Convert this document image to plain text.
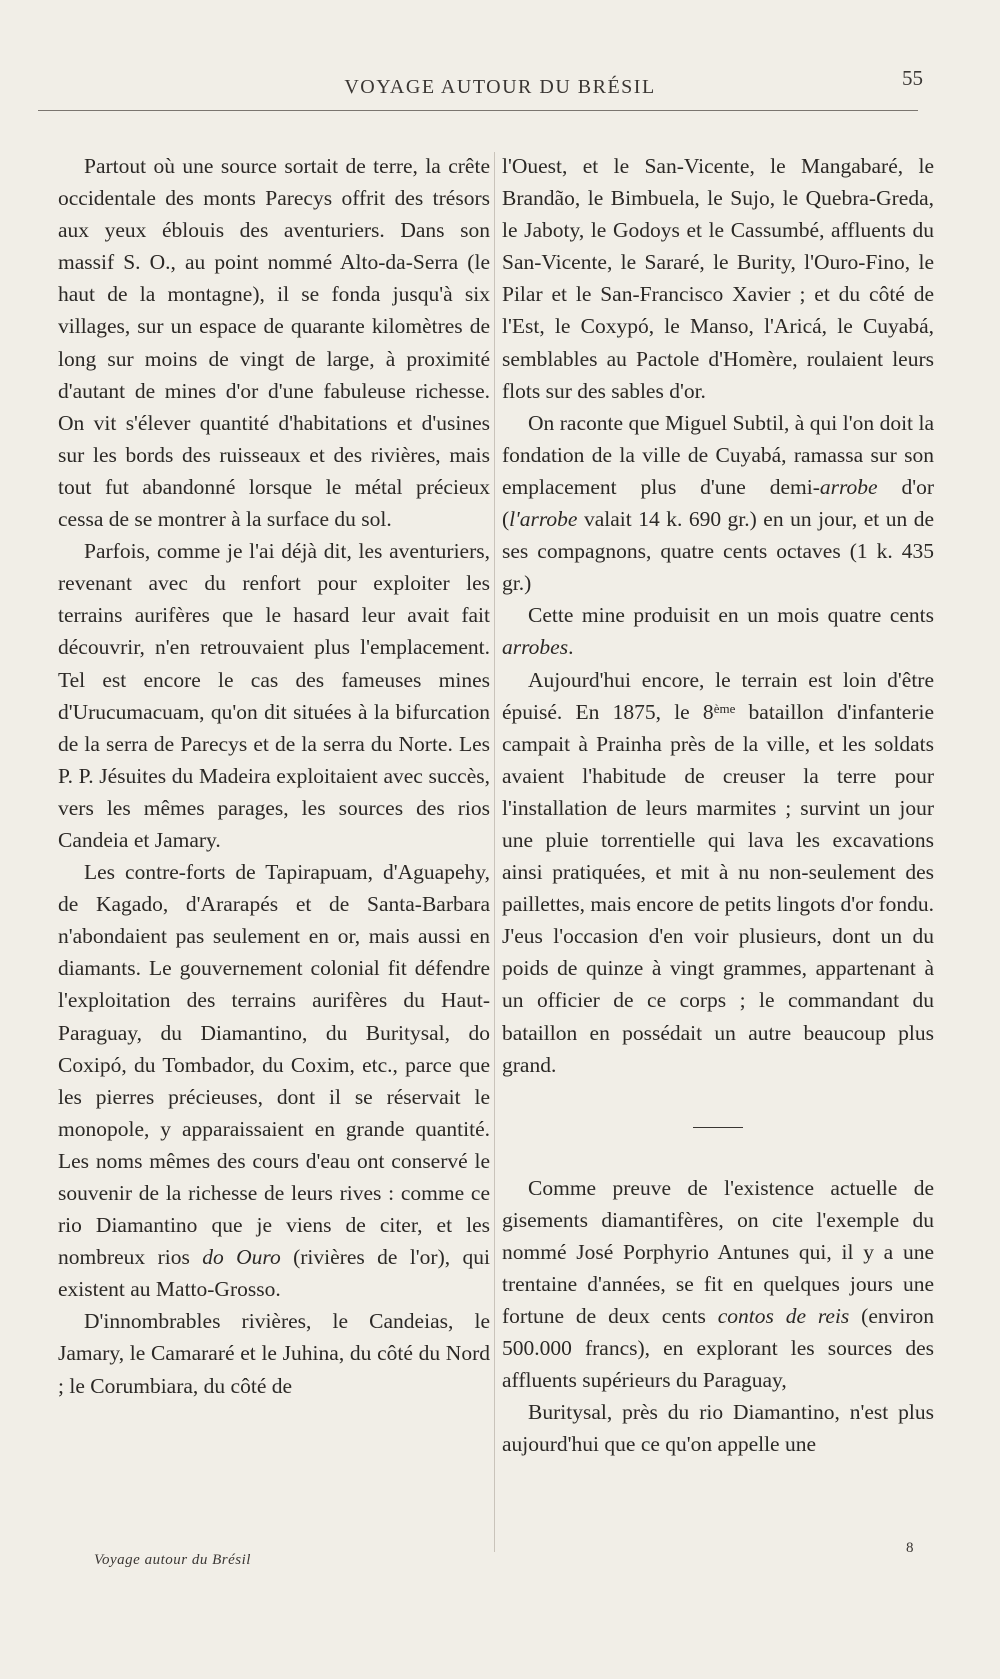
VOYAGE AUTOUR DU BRÉSIL	55

Partout où une source sortait de terre, la crête occidentale des monts Parecys offrit des trésors aux yeux éblouis des aventuriers. Dans son massif S. O., au point nommé Alto-da-Serra (le haut de la montagne), il se fonda jusqu'à six villages, sur un espace de quarante kilomètres de long sur moins de vingt de large, à proximité d'autant de mines d'or d'une fabuleuse richesse. On vit s'élever quantité d'habitations et d'usines sur les bords des ruisseaux et des rivières, mais tout fut abandonné lorsque le métal précieux cessa de se montrer à la surface du sol.

Parfois, comme je l'ai déjà dit, les aventuriers, revenant avec du renfort pour exploiter les terrains aurifères que le hasard leur avait fait découvrir, n'en retrouvaient plus l'emplacement. Tel est encore le cas des fameuses mines d'Urucumacuam, qu'on dit situées à la bifurcation de la serra de Parecys et de la serra du Norte. Les P. P. Jésuites du Madeira exploitaient avec succès, vers les mêmes parages, les sources des rios Candeia et Jamary.

Les contre-forts de Tapirapuam, d'Aguapehy, de Kagado, d'Ararapés et de Santa-Barbara n'abondaient pas seulement en or, mais aussi en diamants. Le gouvernement colonial fit défendre l'exploitation des terrains aurifères du Haut-Paraguay, du Diamantino, du Buritysal, do Coxipó, du Tombador, du Coxim, etc., parce que les pierres précieuses, dont il se réservait le monopole, y apparaissaient en grande quantité. Les noms mêmes des cours d'eau ont conservé le souvenir de la richesse de leurs rives : comme ce rio Diamantino que je viens de citer, et les nombreux rios do Ouro (rivières de l'or), qui existent au Matto-Grosso.

D'innombrables rivières, le Candeias, le Jamary, le Camararé et le Juhina, du côté du Nord ; le Corumbiara, du côté de

l'Ouest, et le San-Vicente, le Mangabaré, le Brandão, le Bimbuela, le Sujo, le Quebra-Greda, le Jaboty, le Godoys et le Cassumbé, affluents du San-Vicente, le Sararé, le Burity, l'Ouro-Fino, le Pilar et le San-Francisco Xavier ; et du côté de l'Est, le Coxypó, le Manso, l'Aricá, le Cuyabá, semblables au Pactole d'Homère, roulaient leurs flots sur des sables d'or.

On raconte que Miguel Subtil, à qui l'on doit la fondation de la ville de Cuyabá, ramassa sur son emplacement plus d'une demi-arrobe d'or (l'arrobe valait 14 k. 690 gr.) en un jour, et un de ses compagnons, quatre cents octaves (1 k. 435 gr.)

Cette mine produisit en un mois quatre cents arrobes.

Aujourd'hui encore, le terrain est loin d'être épuisé. En 1875, le 8ème bataillon d'infanterie campait à Prainha près de la ville, et les soldats avaient l'habitude de creuser la terre pour l'installation de leurs marmites ; survint un jour une pluie torrentielle qui lava les excavations ainsi pratiquées, et mit à nu non-seulement des paillettes, mais encore de petits lingots d'or fondu. J'eus l'occasion d'en voir plusieurs, dont un du poids de quinze à vingt grammes, appartenant à un officier de ce corps ; le commandant du bataillon en possédait un autre beaucoup plus grand.

Comme preuve de l'existence actuelle de gisements diamantifères, on cite l'exemple du nommé José Porphyrio Antunes qui, il y a une trentaine d'années, se fit en quelques jours une fortune de deux cents contos de reis (environ 500.000 francs), en explorant les sources des affluents supérieurs du Paraguay,

Buritysal, près du rio Diamantino, n'est plus aujourd'hui que ce qu'on appelle une

Voyage autour du Brésil
8
